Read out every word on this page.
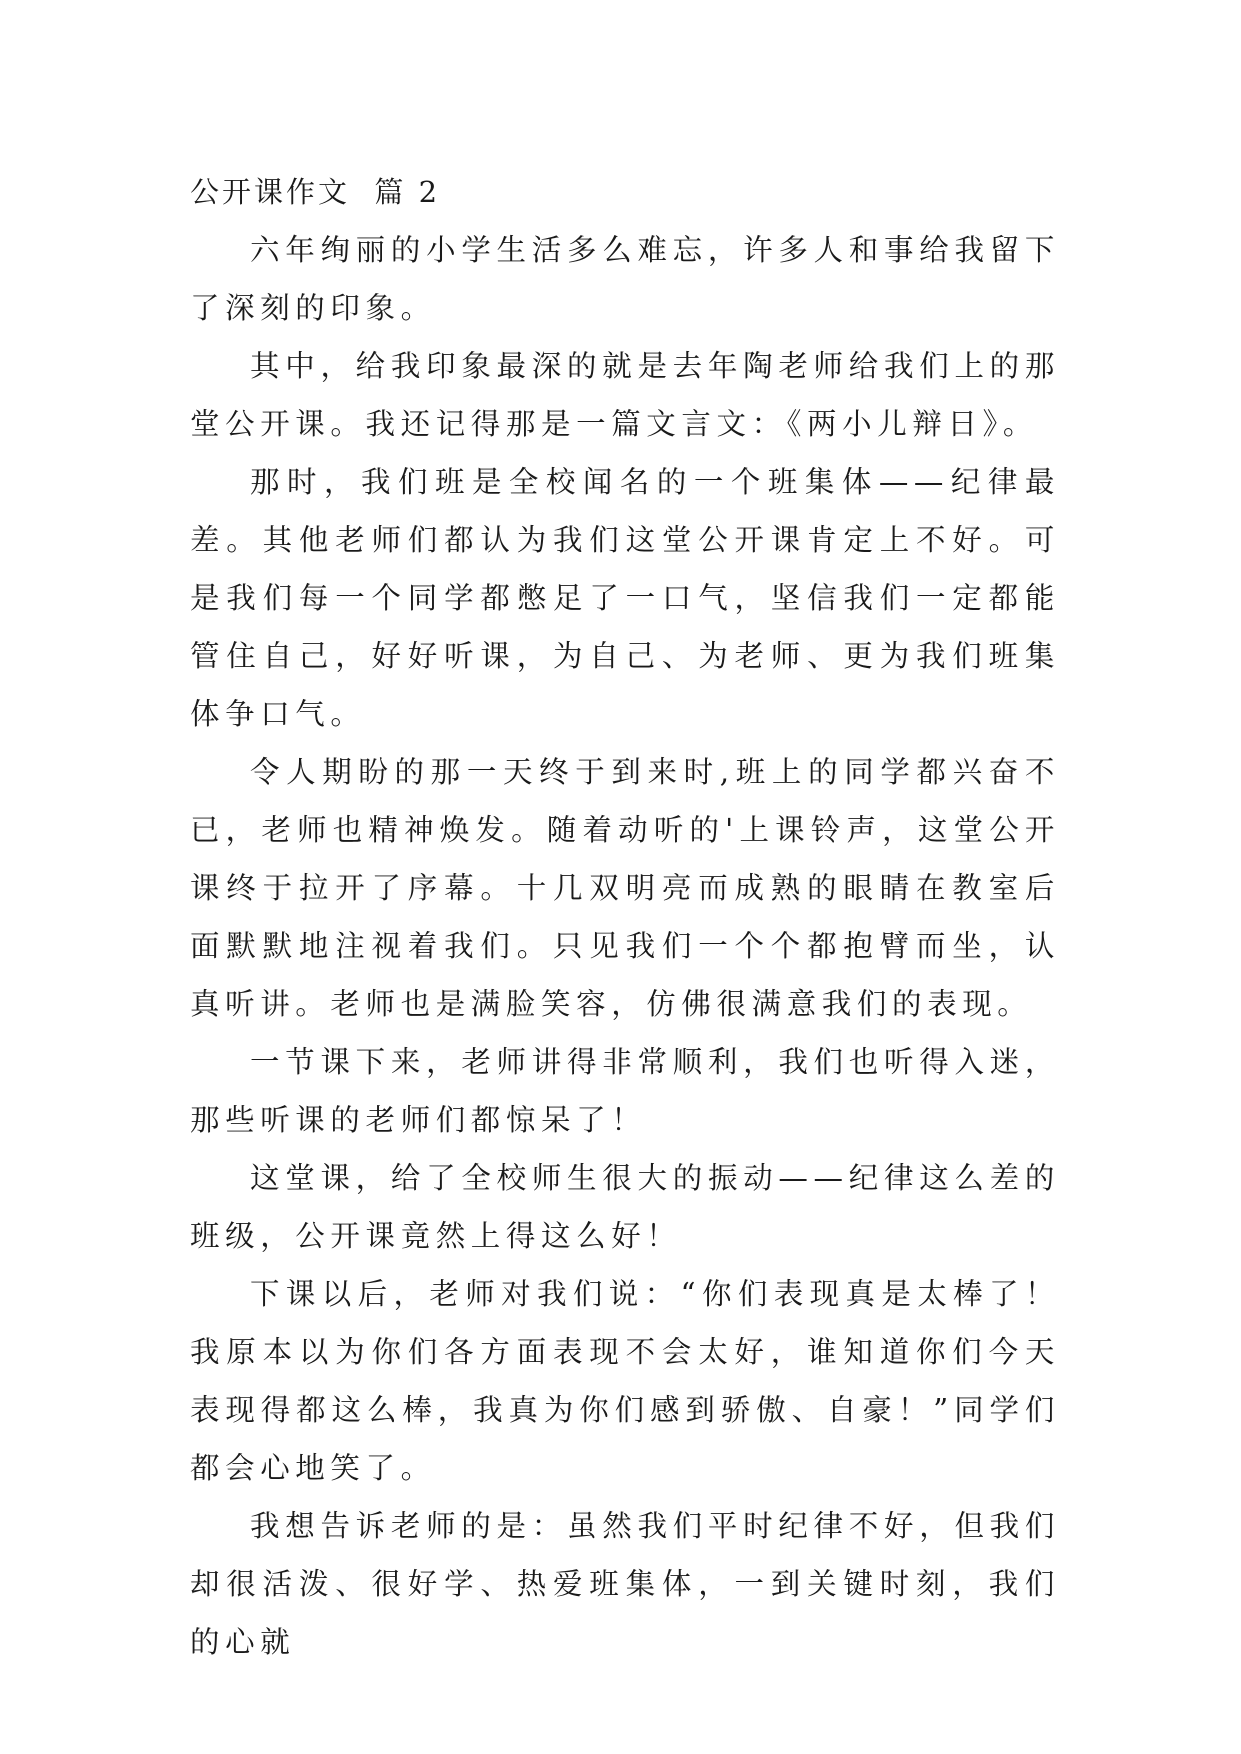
公开课作文  篇 2

六年绚丽的小学生活多么难忘，许多人和事给我留下了深刻的印象。

其中，给我印象最深的就是去年陶老师给我们上的那堂公开课。我还记得那是一篇文言文：《两小儿辩日》。

那时，我们班是全校闻名的一个班集体——纪律最差。其他老师们都认为我们这堂公开课肯定上不好。可是我们每一个同学都憋足了一口气，坚信我们一定都能管住自己，好好听课，为自己、为老师、更为我们班集体争口气。

令人期盼的那一天终于到来时,班上的同学都兴奋不已，老师也精神焕发。随着动听的'上课铃声，这堂公开课终于拉开了序幕。十几双明亮而成熟的眼睛在教室后面默默地注视着我们。只见我们一个个都抱臂而坐，认真听讲。老师也是满脸笑容，仿佛很满意我们的表现。

一节课下来，老师讲得非常顺利，我们也听得入迷，那些听课的老师们都惊呆了！

这堂课，给了全校师生很大的振动——纪律这么差的班级，公开课竟然上得这么好！

下课以后，老师对我们说：“你们表现真是太棒了！我原本以为你们各方面表现不会太好，谁知道你们今天表现得都这么棒，我真为你们感到骄傲、自豪！”同学们都会心地笑了。

我想告诉老师的是：虽然我们平时纪律不好，但我们却很活泼、很好学、热爱班集体，一到关键时刻，我们的心就
